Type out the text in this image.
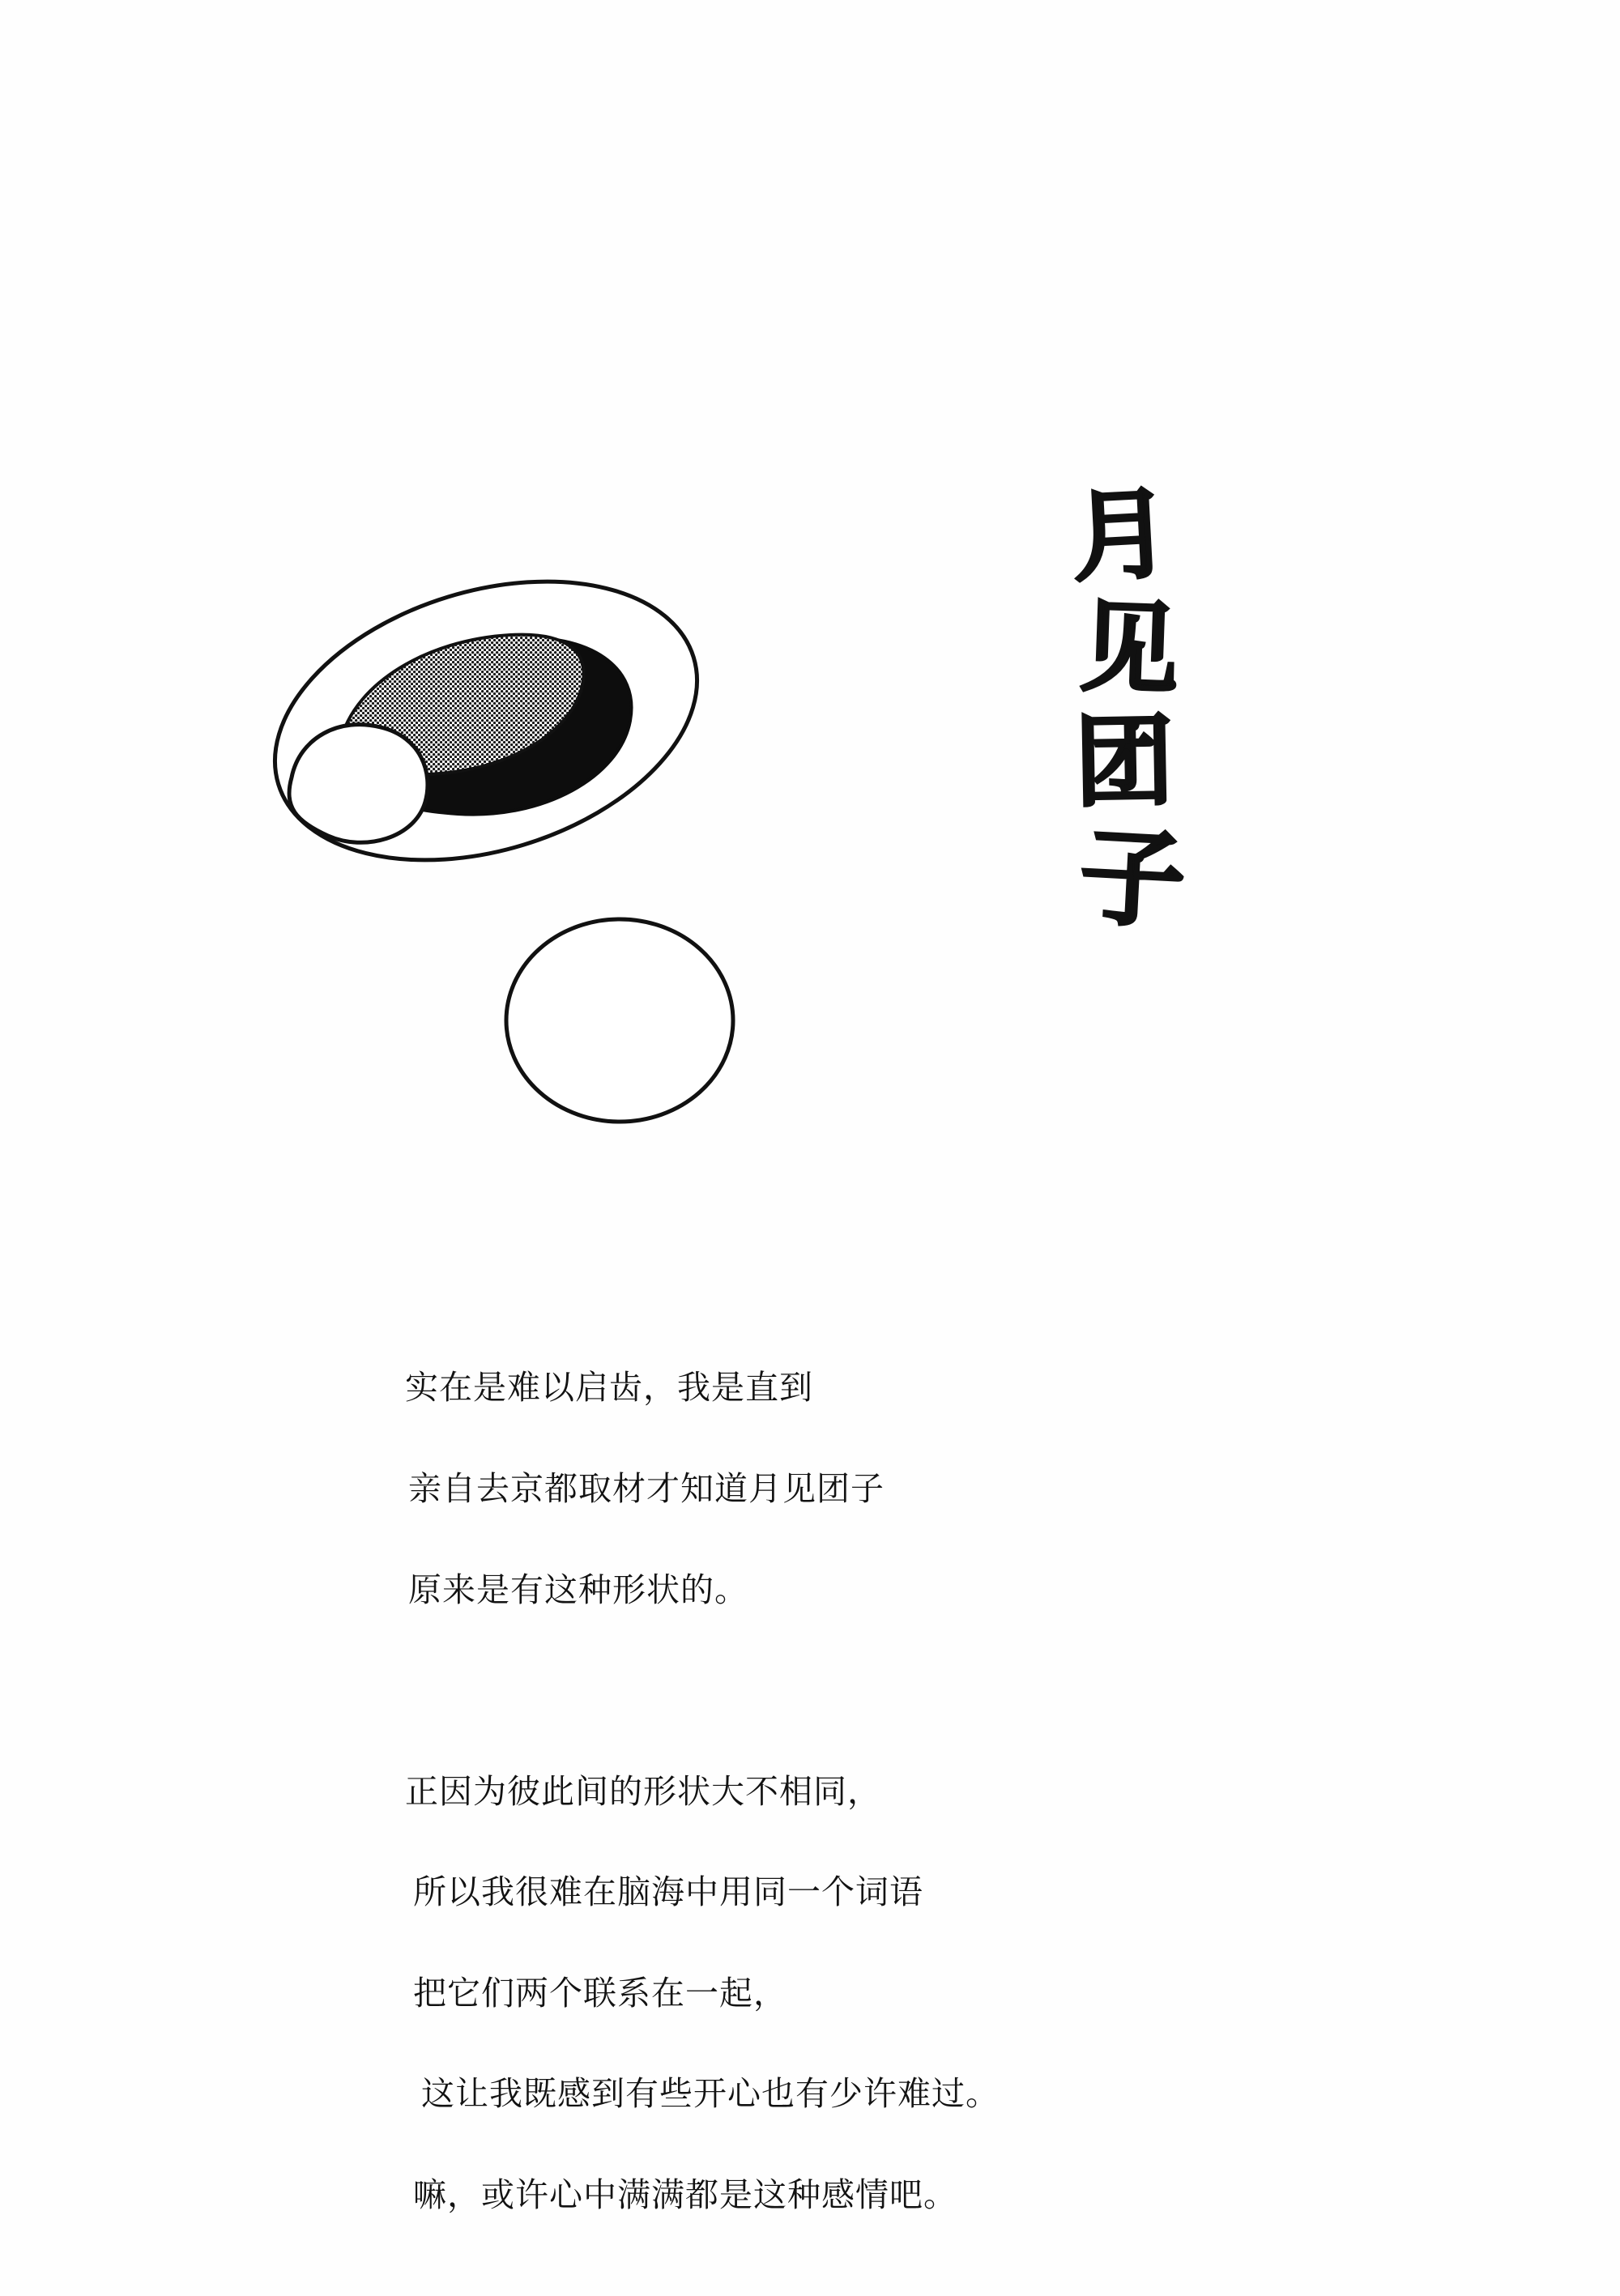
月
见
团
子

实在是难以启齿，我是直到

亲自去京都取材才知道月见团子

原来是有这种形状的。

正因为彼此间的形状大不相同，

所以我很难在脑海中用同一个词语

把它们两个联系在一起，

这让我既感到有些开心也有少许难过。

嘛，或许心中满满都是这种感情吧。
